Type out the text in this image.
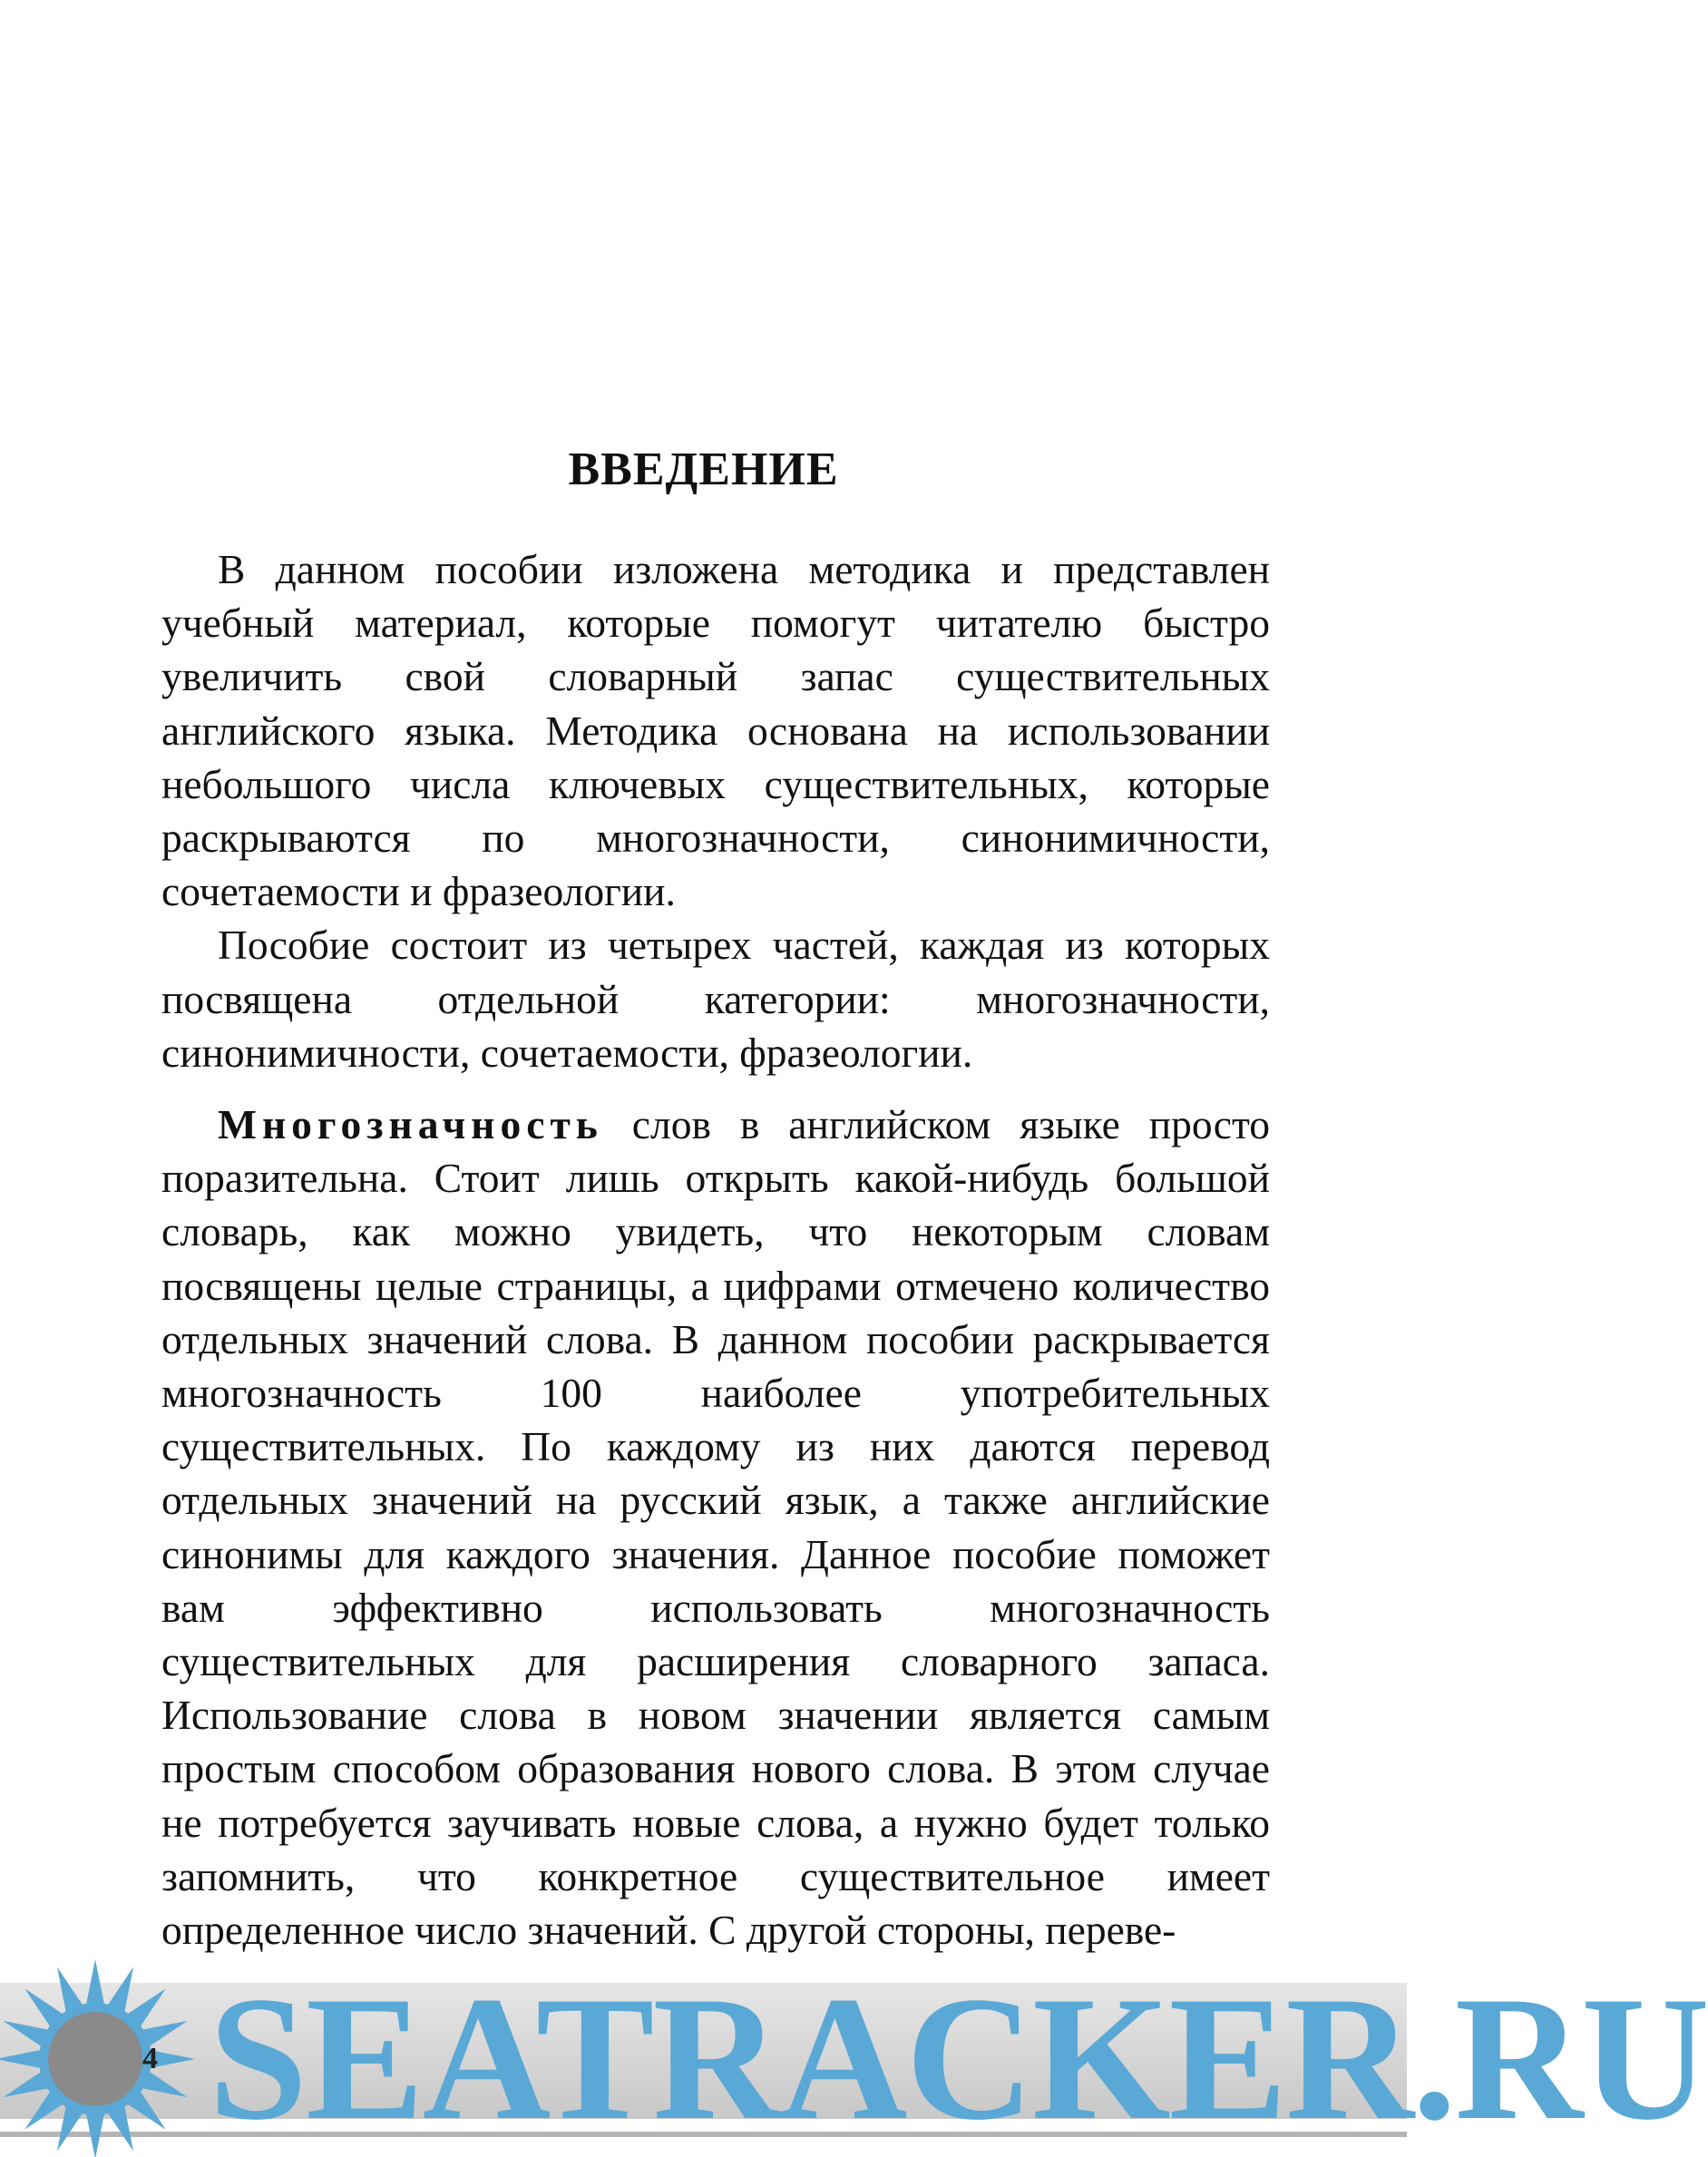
ВВЕДЕНИЕ

В данном пособии изложена методика и представлен учебный материал, которые помогут читателю быстро увеличить свой словарный запас существительных английского языка. Методика основана на использовании небольшого числа ключевых существительных, которые раскрываются по многозначности, синонимичности, сочетаемости и фразеологии.

Пособие состоит из четырех частей, каждая из которых посвящена отдельной категории: многозначности, синонимичности, сочетаемости, фразеологии.

Многозначность слов в английском языке просто поразительна. Стоит лишь открыть какой-нибудь большой словарь, как можно увидеть, что некоторым словам посвящены целые страницы, а цифрами отмечено количество отдельных значений слова. В данном пособии раскрывается многозначность 100 наиболее употребительных существительных. По каждому из них даются перевод отдельных значений на русский язык, а также английские синонимы для каждого значения. Данное пособие поможет вам эффективно использовать многозначность существительных для расширения словарного запаса. Использование слова в новом значении является самым простым способом образования нового слова. В этом случае не потребуется заучивать новые слова, а нужно будет только запомнить, что конкретное существительное имеет определенное число значений. С другой стороны, переве-

4 SEATRACKER.RU
